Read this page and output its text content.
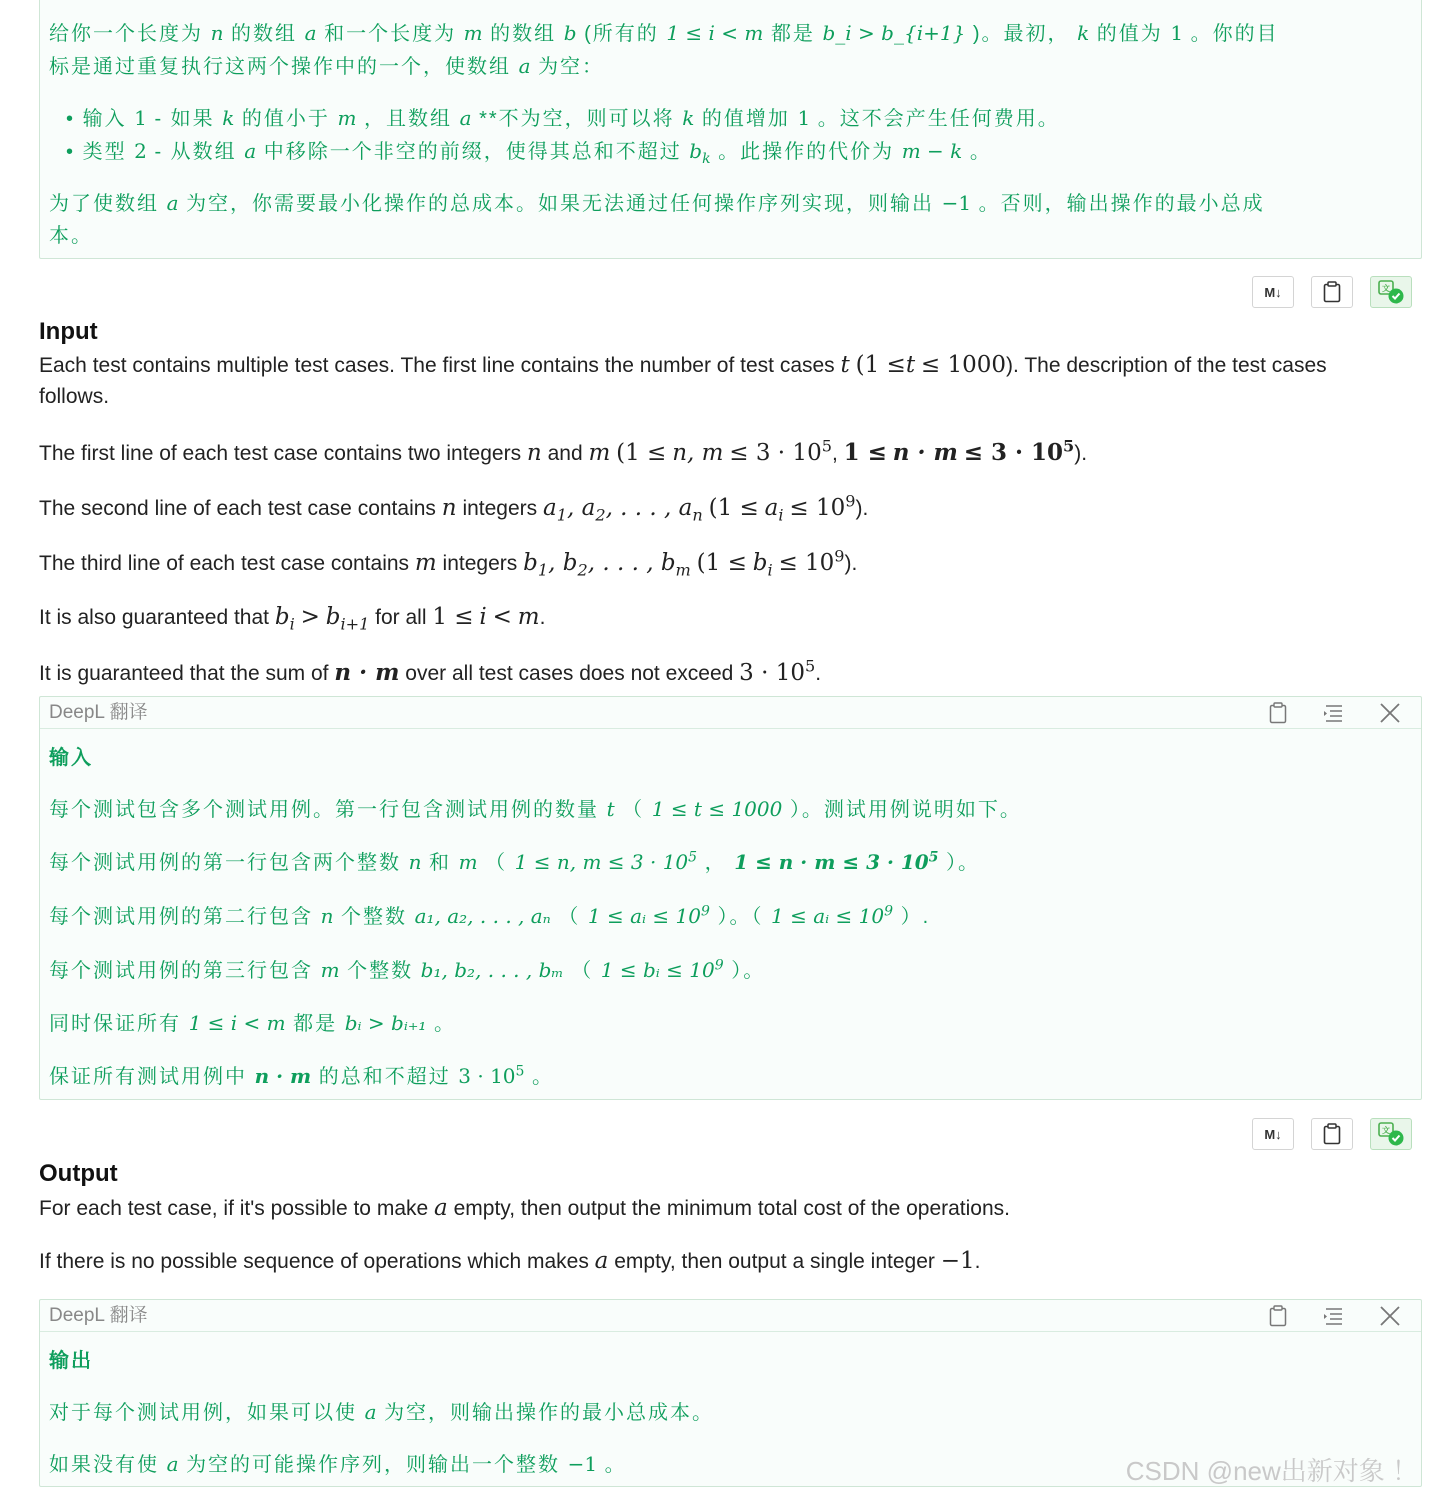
给你一个长度为 n 的数组 a 和一个长度为 m 的数组 b (所有的 1 ≤ i < m 都是 b_i > b_{i+1} )。最初， k 的值为 1 。你的目
标是通过重复执行这两个操作中的一个，使数组 a 为空：
• 输入 1 - 如果 k 的值小于 m ，且数组 a **不为空，则可以将 k 的值增加 1 。这不会产生任何费用。
• 类型 2 - 从数组 a 中移除一个非空的前缀，使得其总和不超过 $b_k$ 。此操作的代价为 m − k 。
为了使数组 a 为空，你需要最小化操作的总成本。如果无法通过任何操作序列实现，则输出 −1 。否则，输出操作的最小总成
本。
M↓	文
Input
Each test contains multiple test cases. The first line contains the number of test cases t (1 ≤t ≤ 1000). The description of the test cases
follows.
The first line of each test case contains two integers n and m (1 ≤ n, $m \le 3 \cdot 10^5$, $1 \le n \cdot m \le 3 \cdot 10^5$).
The second line of each test case contains n integers $a_1$, $a_2$, . . . , $a_n$ $(1 \le a_i \le 10^9)$.
The third line of each test case contains m integers $b_1$, $b_2$, . . . , $b_m$ $(1 \le b_i \le 10^9)$.
It is also guaranteed that $b_i > b_{i+1}$ for all 1 ≤ i < m.
It is guaranteed that the sum of n · m over all test cases does not exceed $3 \cdot 10^5$.
DeepL 翻译
输入
每个测试包含多个测试用例。第一行包含测试用例的数量 t （ 1 ≤ t ≤ 1000 ）。测试用例说明如下。
每个测试用例的第一行包含两个整数 n 和 m （ 1 ≤ n, $m \le 3 \cdot 10^5$ ， $1 \le n \cdot m \le 3 \cdot 10^5$ ）。
每个测试用例的第二行包含 n 个整数 a₁, a₂, . . . , aₙ （ 1 ≤ aᵢ ≤ $10^9$ ）。（ 1 ≤ aᵢ ≤ $10^9$ ）.
每个测试用例的第三行包含 m 个整数 b₁, b₂, . . . , bₘ （ 1 ≤ bᵢ ≤ $10^9$ ）。
同时保证所有 1 ≤ i < m 都是 bᵢ > bᵢ₊₁ 。
保证所有测试用例中 n · m 的总和不超过 $3 \cdot 10^5$ 。
M↓	文
Output
For each test case, if it's possible to make a empty, then output the minimum total cost of the operations.
If there is no possible sequence of operations which makes a empty, then output a single integer −1.
DeepL 翻译
输出
对于每个测试用例，如果可以使 a 为空，则输出操作的最小总成本。
如果没有使 a 为空的可能操作序列，则输出一个整数 −1 。	CSDN @new出新对象 ！
